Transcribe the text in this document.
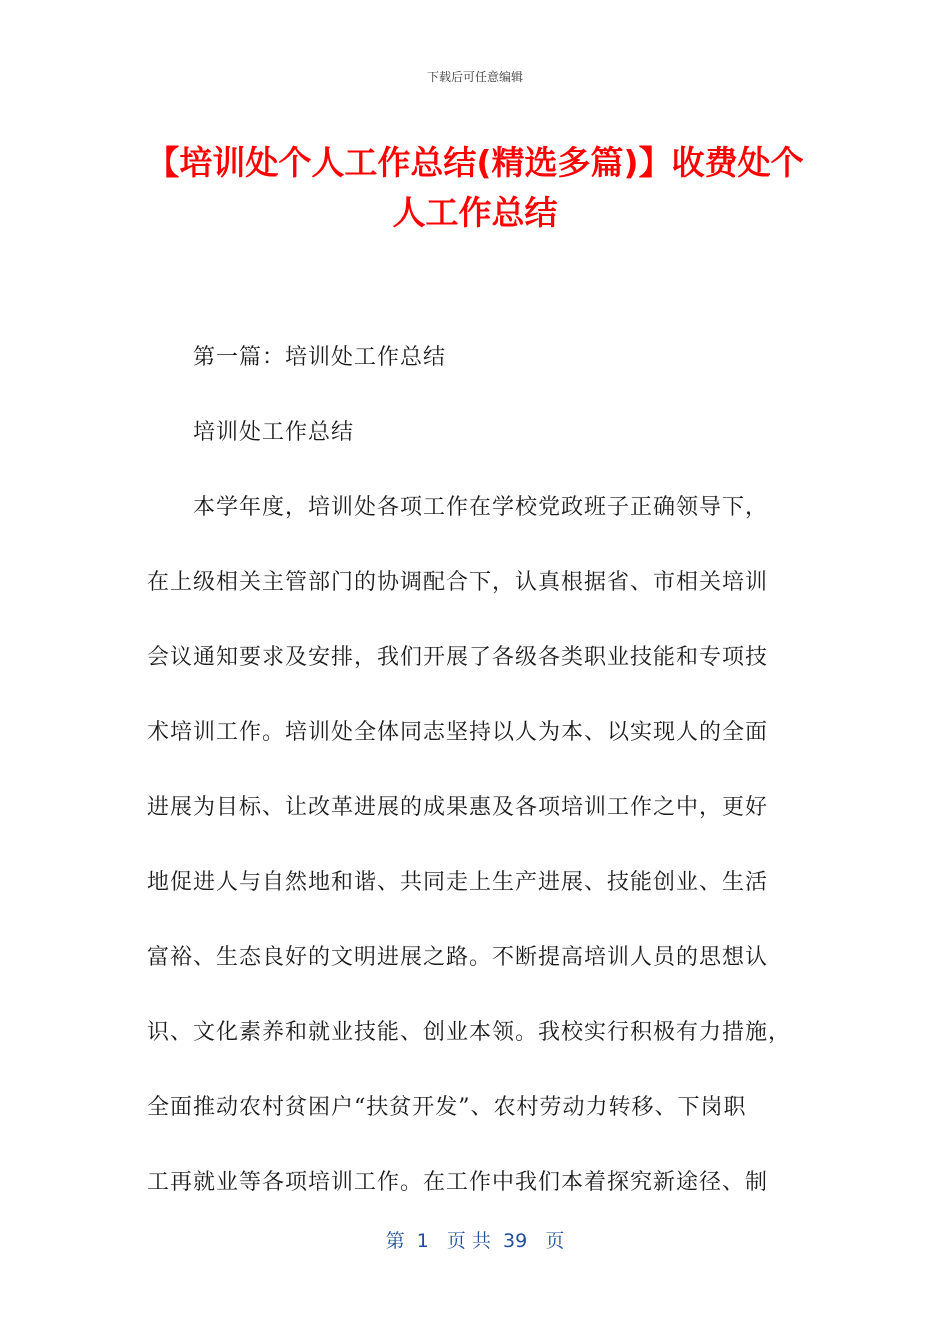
下载后可任意编辑
【培训处个人工作总结(精选多篇)】收费处个人工作总结

第一篇：培训处工作总结

培训处工作总结

本学年度，培训处各项工作在学校党政班子正确领导下，

在上级相关主管部门的协调配合下，认真根据省、市相关培训
会议通知要求及安排，我们开展了各级各类职业技能和专项技
术培训工作。培训处全体同志坚持以人为本、以实现人的全面
进展为目标、让改革进展的成果惠及各项培训工作之中，更好
地促进人与自然地和谐、共同走上生产进展、技能创业、生活
富裕、生态良好的文明进展之路。不断提高培训人员的思想认
识、文化素养和就业技能、创业本领。我校实行积极有力措施，
全面推动农村贫困户“扶贫开发”、农村劳动力转移、下岗职
工再就业等各项培训工作。在工作中我们本着探究新途径、制

第  1   页 共  39   页
